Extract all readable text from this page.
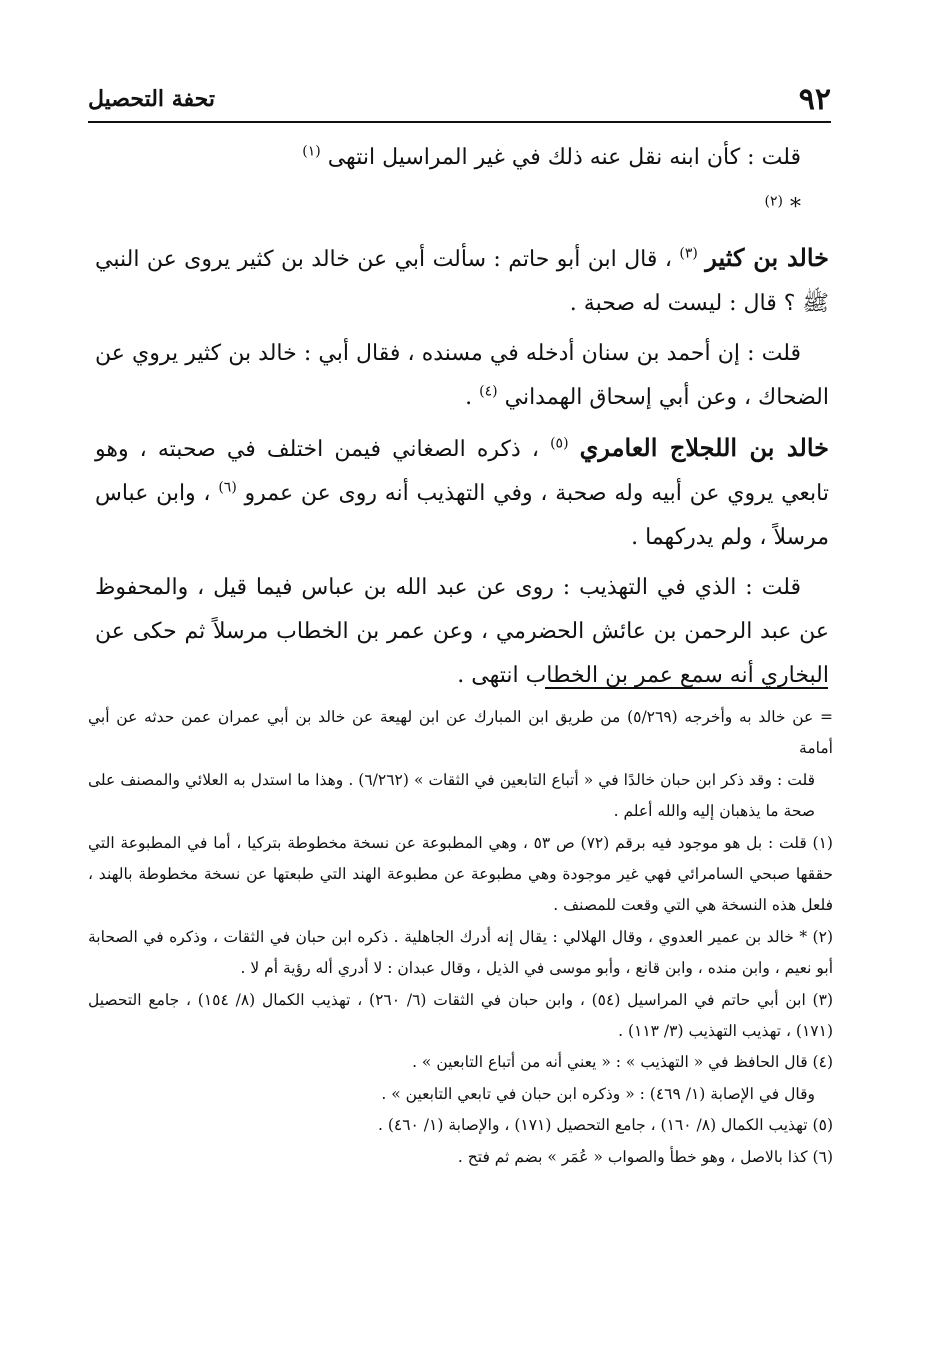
٩٢
تحفة التحصيل

قلت : كأن ابنه نقل عنه ذلك في غير المراسيل انتهى $^{(١)}$

* $^{(٢)}$

خالد بن كثير $^{(٣)}$ ، قال ابن أبو حاتم : سألت أبي عن خالد بن كثير يروى عن النبي ﷺ ؟ قال : ليست له صحبة .

قلت : إن أحمد بن سنان أدخله في مسنده ، فقال أبي : خالد بن كثير يروي عن الضحاك ، وعن أبي إسحاق الهمداني $^{(٤)}$ .

خالد بن اللجلاج العامري $^{(٥)}$ ، ذكره الصغاني فيمن اختلف في صحبته ، وهو تابعي يروي عن أبيه وله صحبة ، وفي التهذيب أنه روى عن عمرو $^{(٦)}$ ، وابن عباس مرسلاً ، ولم يدركهما .

قلت : الذي في التهذيب : روى عن عبد الله بن عباس فيما قيل ، والمحفوظ عن عبد الرحمن بن عائش الحضرمي ، وعن عمر بن الخطاب مرسلاً ثم حكى عن البخاري أنه سمع عمر بن الخطاب انتهى .

= عن خالد به وأخرجه (٥/٢٦٩) من طريق ابن المبارك عن ابن لهيعة عن خالد بن أبي عمران عمن حدثه عن أبي أمامة

قلت : وقد ذكر ابن حبان خالدًا في « أتباع التابعين في الثقات » (٦/٢٦٢) . وهذا ما استدل به العلائي والمصنف على صحة ما يذهبان إليه والله أعلم .

(١) قلت : بل هو موجود فيه برقم (٧٢) ص ٥٣ ، وهي المطبوعة عن نسخة مخطوطة بتركيا ، أما في المطبوعة التي حققها صبحي السامرائي فهي غير موجودة وهي مطبوعة عن مطبوعة الهند التي طبعتها عن نسخة مخطوطة بالهند ، فلعل هذه النسخة هي التي وقعت للمصنف .

(٢) * خالد بن عمير العدوي ، وقال الهلالي : يقال إنه أدرك الجاهلية . ذكره ابن حبان في الثقات ، وذكره في الصحابة أبو نعيم ، وابن منده ، وابن قانع ، وأبو موسى في الذيل ، وقال عبدان : لا أدري أله رؤية أم لا .

(٣) ابن أبي حاتم في المراسيل (٥٤) ، وابن حبان في الثقات (٦/ ٢٦٠) ، تهذيب الكمال (٨/ ١٥٤) ، جامع التحصيل (١٧١) ، تهذيب التهذيب (٣/ ١١٣) .

(٤) قال الحافظ في « التهذيب » : « يعني أنه من أتباع التابعين » .

وقال في الإصابة (١/ ٤٦٩) : « وذكره ابن حبان في تابعي التابعين » .

(٥) تهذيب الكمال (٨/ ١٦٠) ، جامع التحصيل (١٧١) ، والإصابة (١/ ٤٦٠) .

(٦) كذا بالاصل ، وهو خطأ والصواب « عُمَر » بضم ثم فتح .
